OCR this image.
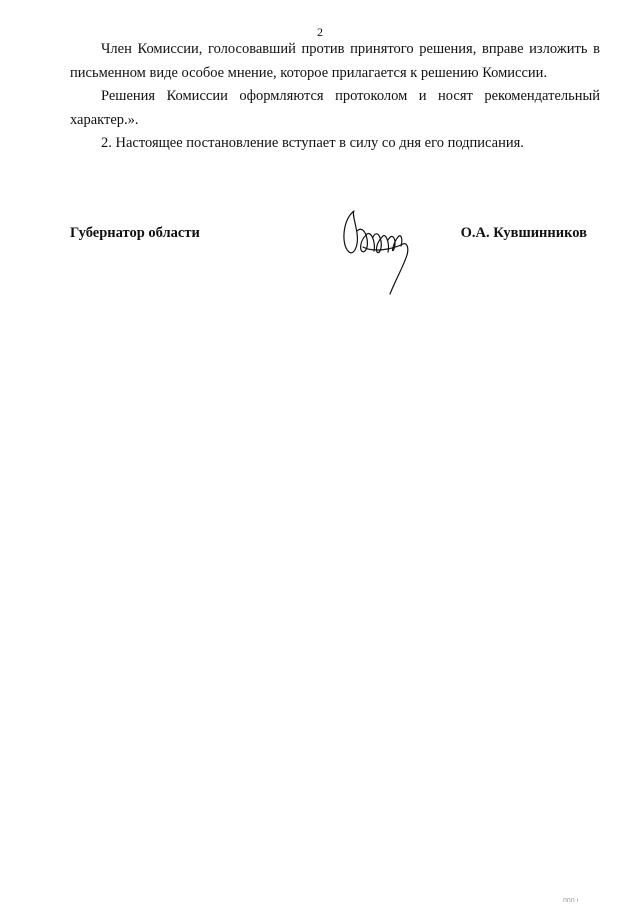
2

Член Комиссии, голосовавший против принятого решения, вправе изложить в письменном виде особое мнение, которое прилагается к решению Комиссии.

Решения Комиссии оформляются протоколом и носят рекомендательный характер.».

2. Настоящее постановление вступает в силу со дня его подписания.

Губернатор области	О.А. Кувшинников
ппп ı
